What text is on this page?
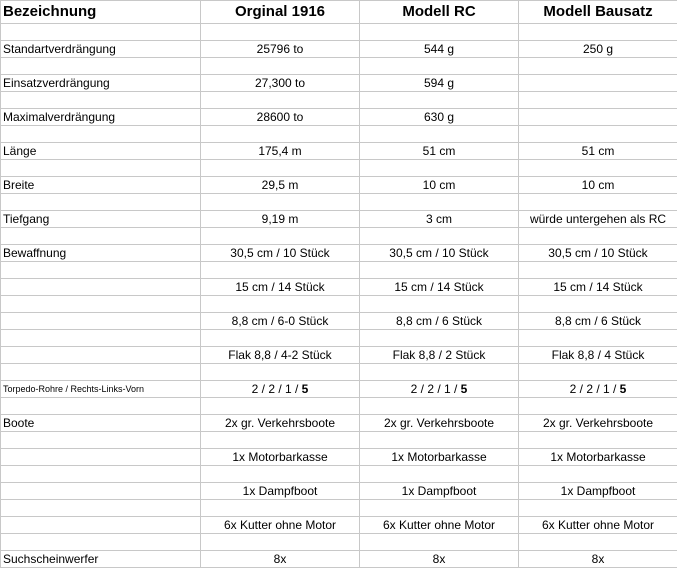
Bezeichnung	Orginal 1916	Modell RC	Modell Bausatz

Standartverdrängung	25796 to	544 g	250 g

Einsatzverdrängung	27,300 to	594 g	

Maximalverdrängung	28600 to	630 g	

Länge	175,4 m	51 cm	51 cm

Breite	29,5 m	10 cm	10 cm

Tiefgang	9,19 m	3 cm	würde untergehen als RC

Bewaffnung	30,5 cm / 10 Stück	30,5 cm / 10 Stück	30,5 cm / 10 Stück

	15 cm / 14 Stück	15 cm / 14 Stück	15 cm / 14 Stück

	8,8 cm / 6-0 Stück	8,8 cm / 6 Stück	8,8 cm / 6 Stück

	Flak 8,8 / 4-2 Stück	Flak 8,8 / 2 Stück	Flak 8,8 / 4 Stück

Torpedo-Rohre / Rechts-Links-Vorn	2 / 2 / 1 / 5	2 / 2 / 1 / 5	2 / 2 / 1 / 5

Boote	2x gr. Verkehrsboote	2x gr. Verkehrsboote	2x gr. Verkehrsboote

	1x Motorbarkasse	1x Motorbarkasse	1x Motorbarkasse

	1x Dampfboot	1x Dampfboot	1x Dampfboot

	6x Kutter ohne Motor	6x Kutter ohne Motor	6x Kutter ohne Motor

Suchscheinwerfer	8x	8x	8x
